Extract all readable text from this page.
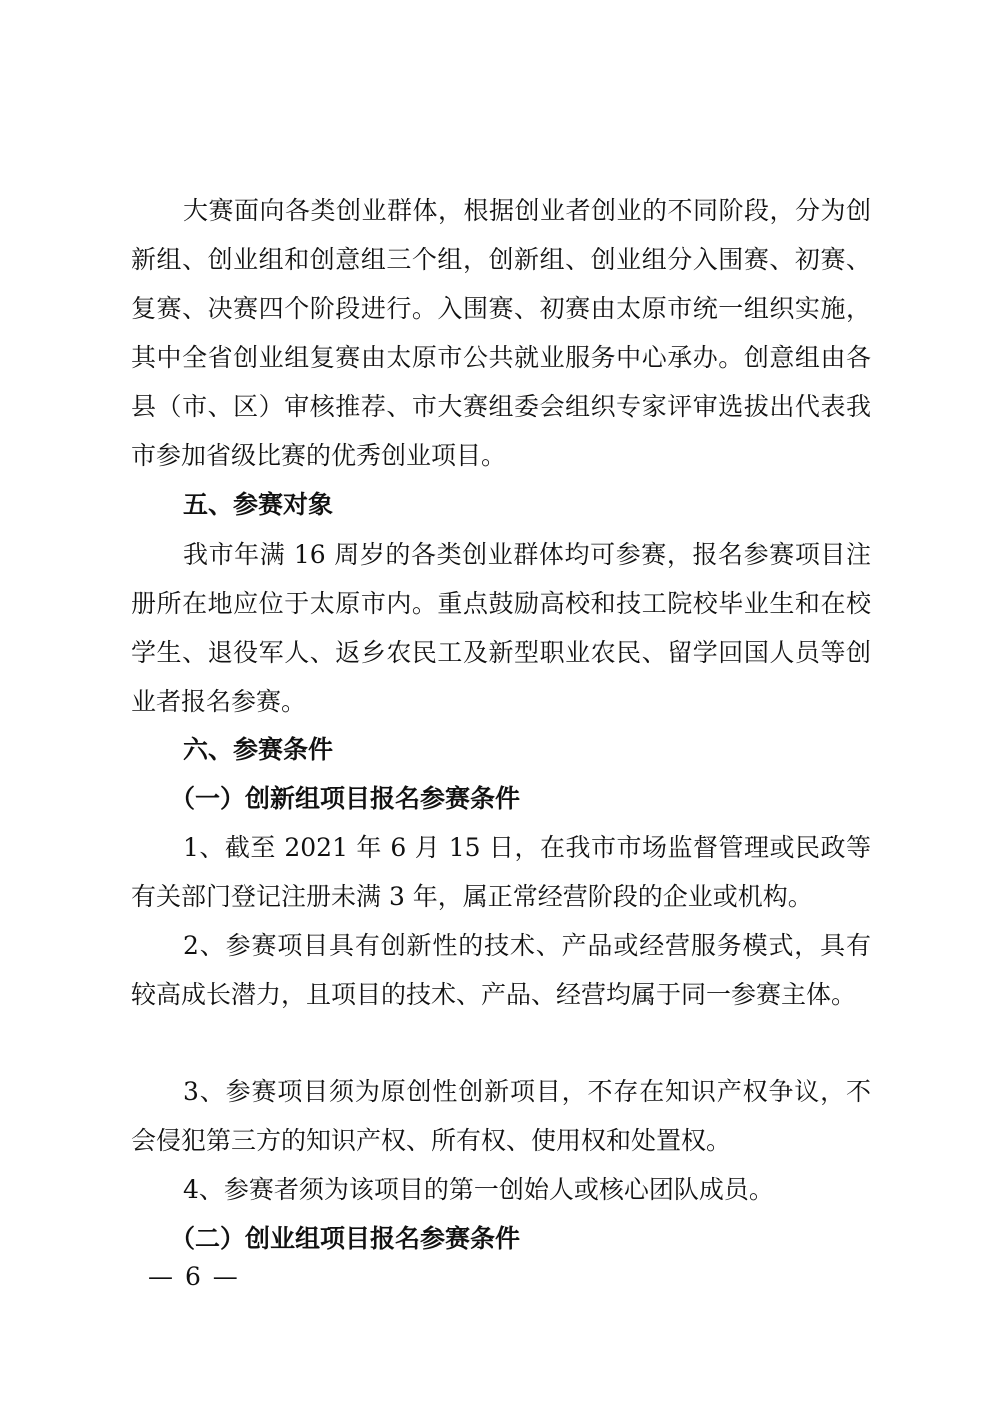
大赛面向各类创业群体，根据创业者创业的不同阶段，分为创新组、创业组和创意组三个组，创新组、创业组分入围赛、初赛、复赛、决赛四个阶段进行。入围赛、初赛由太原市统一组织实施，其中全省创业组复赛由太原市公共就业服务中心承办。创意组由各县（市、区）审核推荐、市大赛组委会组织专家评审选拔出代表我市参加省级比赛的优秀创业项目。
五、参赛对象
我市年满 16 周岁的各类创业群体均可参赛，报名参赛项目注册所在地应位于太原市内。重点鼓励高校和技工院校毕业生和在校学生、退役军人、返乡农民工及新型职业农民、留学回国人员等创业者报名参赛。
六、参赛条件
（一）创新组项目报名参赛条件
1、截至 2021 年 6 月 15 日，在我市市场监督管理或民政等有关部门登记注册未满 3 年，属正常经营阶段的企业或机构。
2、参赛项目具有创新性的技术、产品或经营服务模式，具有较高成长潜力，且项目的技术、产品、经营均属于同一参赛主体。
3、参赛项目须为原创性创新项目，不存在知识产权争议，不会侵犯第三方的知识产权、所有权、使用权和处置权。
4、参赛者须为该项目的第一创始人或核心团队成员。
（二）创业组项目报名参赛条件
— 6 —
